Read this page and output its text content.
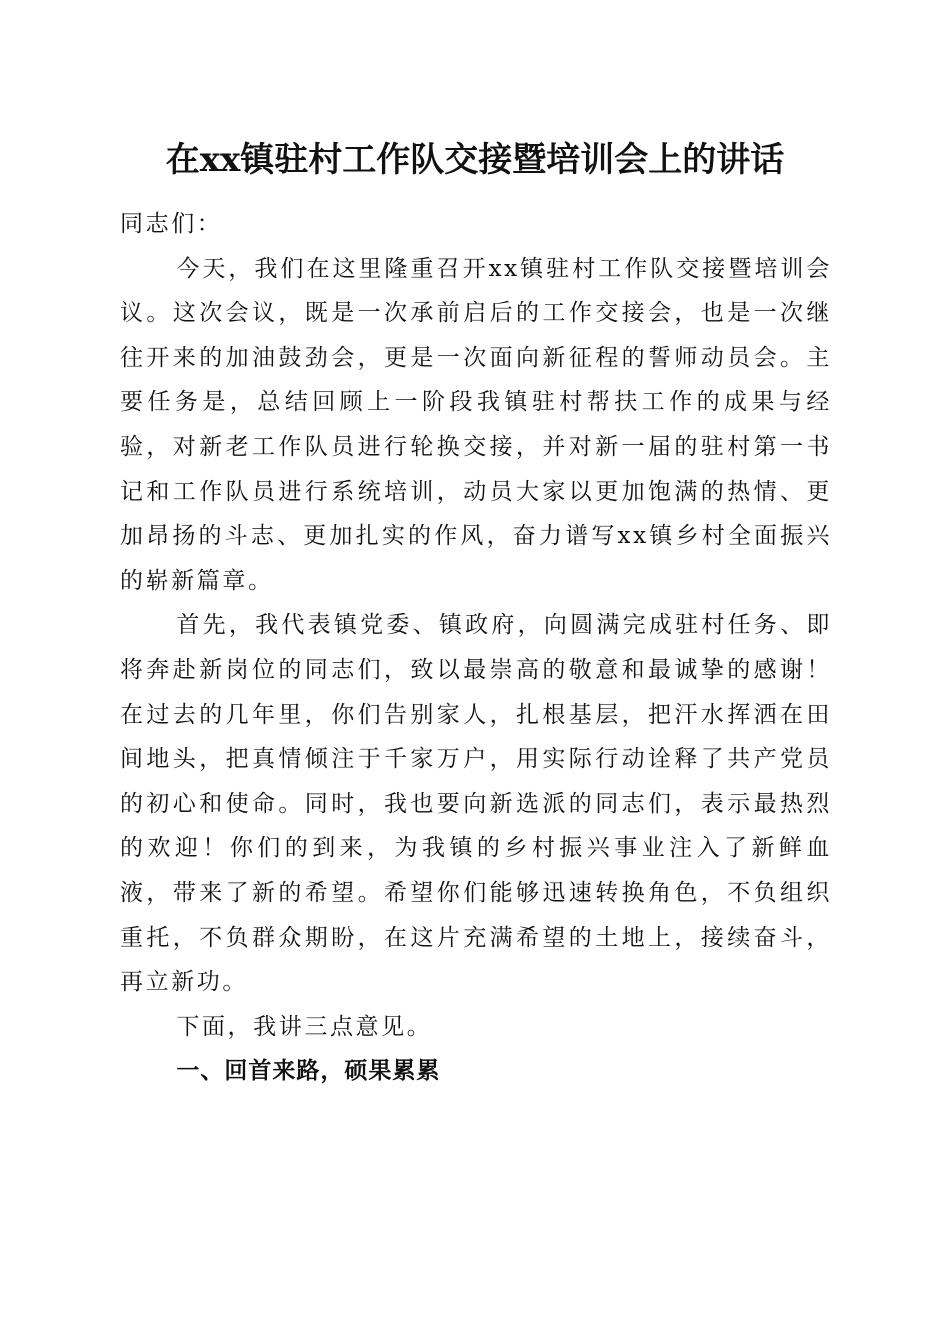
在xx镇驻村工作队交接暨培训会上的讲话

同志们：

今天，我们在这里隆重召开xx镇驻村工作队交接暨培训会议。这次会议，既是一次承前启后的工作交接会，也是一次继往开来的加油鼓劲会，更是一次面向新征程的誓师动员会。主要任务是，总结回顾上一阶段我镇驻村帮扶工作的成果与经验，对新老工作队员进行轮换交接，并对新一届的驻村第一书记和工作队员进行系统培训，动员大家以更加饱满的热情、更加昂扬的斗志、更加扎实的作风，奋力谱写xx镇乡村全面振兴的崭新篇章。

首先，我代表镇党委、镇政府，向圆满完成驻村任务、即将奔赴新岗位的同志们，致以最崇高的敬意和最诚挚的感谢！在过去的几年里，你们告别家人，扎根基层，把汗水挥洒在田间地头，把真情倾注于千家万户，用实际行动诠释了共产党员的初心和使命。同时，我也要向新选派的同志们，表示最热烈的欢迎！你们的到来，为我镇的乡村振兴事业注入了新鲜血液，带来了新的希望。希望你们能够迅速转换角色，不负组织重托，不负群众期盼，在这片充满希望的土地上，接续奋斗，再立新功。

下面，我讲三点意见。

一、回首来路，硕果累累
